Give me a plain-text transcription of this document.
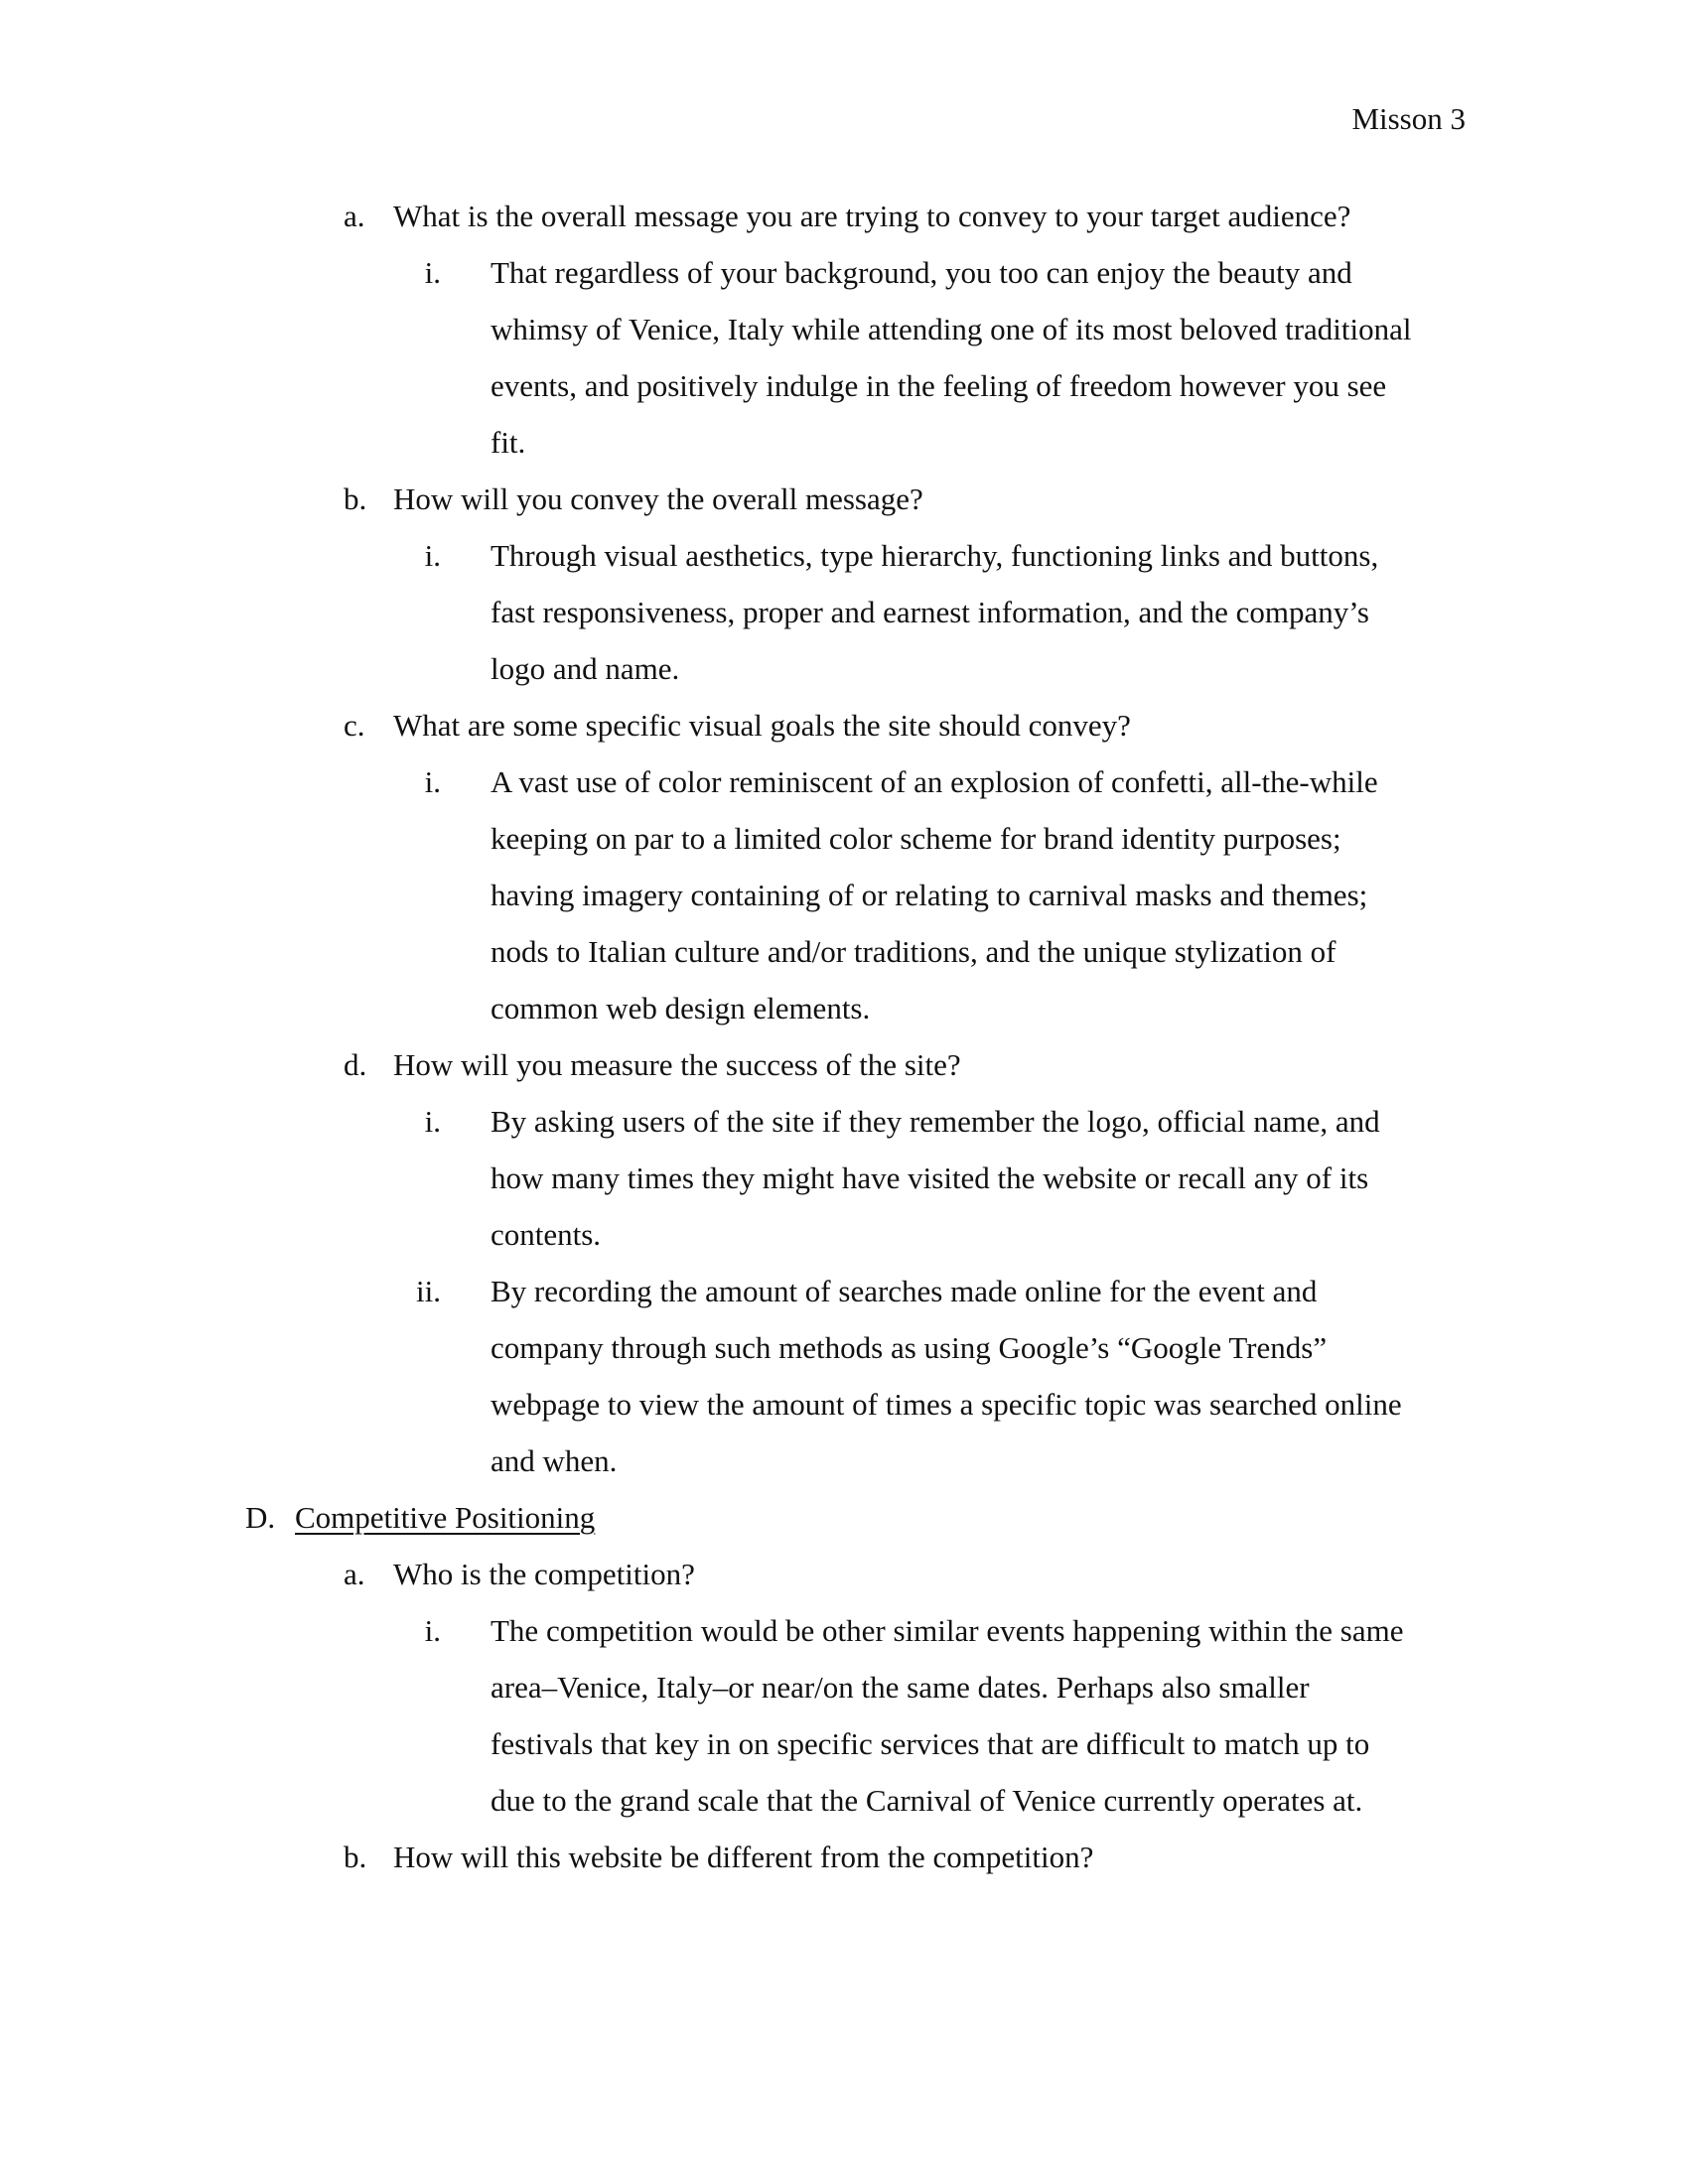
Misson 3
a. What is the overall message you are trying to convey to your target audience?
i. That regardless of your background, you too can enjoy the beauty and
whimsy of Venice, Italy while attending one of its most beloved traditional
events, and positively indulge in the feeling of freedom however you see
fit.
b. How will you convey the overall message?
i. Through visual aesthetics, type hierarchy, functioning links and buttons,
fast responsiveness, proper and earnest information, and the company’s
logo and name.
c. What are some specific visual goals the site should convey?
i. A vast use of color reminiscent of an explosion of confetti, all-the-while
keeping on par to a limited color scheme for brand identity purposes;
having imagery containing of or relating to carnival masks and themes;
nods to Italian culture and/or traditions, and the unique stylization of
common web design elements.
d. How will you measure the success of the site?
i. By asking users of the site if they remember the logo, official name, and
how many times they might have visited the website or recall any of its
contents.
ii. By recording the amount of searches made online for the event and
company through such methods as using Google’s “Google Trends”
webpage to view the amount of times a specific topic was searched online
and when.
D. Competitive Positioning
a. Who is the competition?
i. The competition would be other similar events happening within the same
area–Venice, Italy–or near/on the same dates. Perhaps also smaller
festivals that key in on specific services that are difficult to match up to
due to the grand scale that the Carnival of Venice currently operates at.
b. How will this website be different from the competition?
